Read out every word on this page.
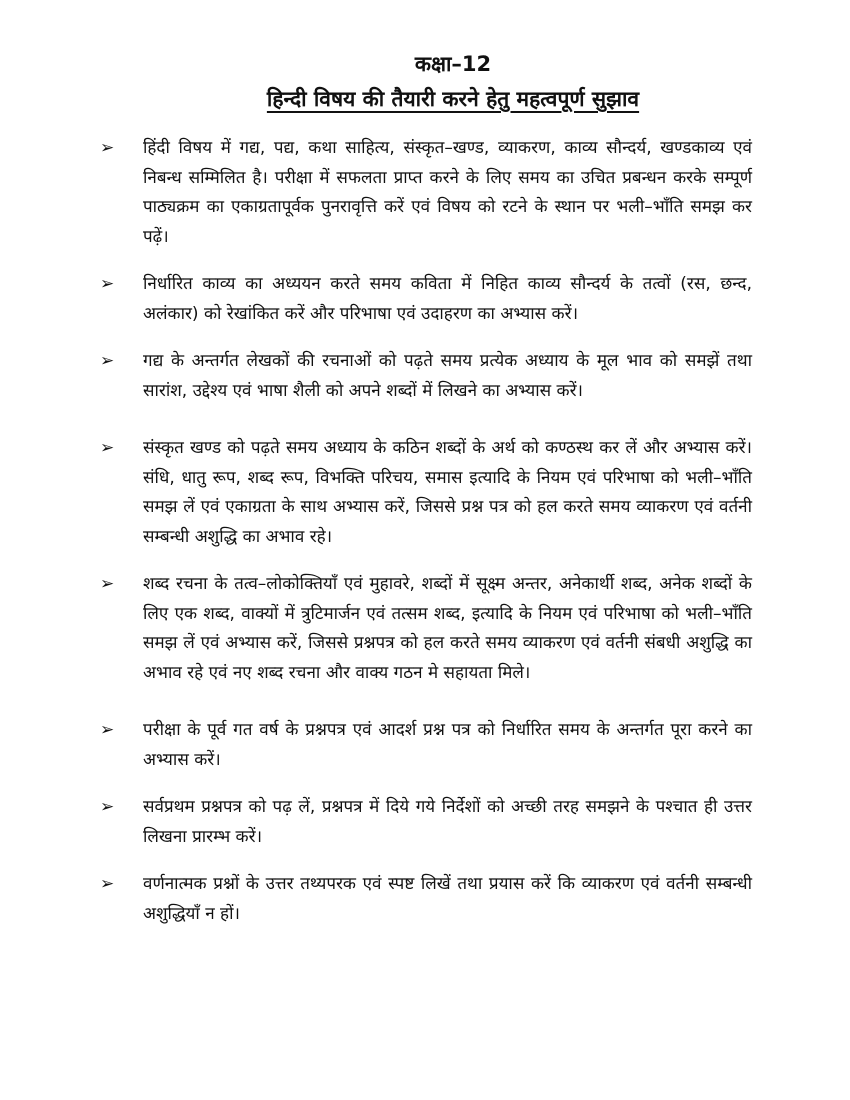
कक्षा–12
हिन्दी विषय की तैयारी करने हेतु महत्वपूर्ण सुझाव
➢ हिंदी विषय में गद्य, पद्य, कथा साहित्य, संस्कृत–खण्ड, व्याकरण, काव्य सौन्दर्य, खण्डकाव्य एवं निबन्ध सम्मिलित है। परीक्षा में सफलता प्राप्त करने के लिए समय का उचित प्रबन्धन करके सम्पूर्ण पाठ्यक्रम का एकाग्रतापूर्वक पुनरावृत्ति करें एवं विषय को रटने के स्थान पर भली–भाँति समझ कर पढ़ें।
➢ निर्धारित काव्य का अध्ययन करते समय कविता में निहित काव्य सौन्दर्य के तत्वों (रस, छन्द, अलंकार) को रेखांकित करें और परिभाषा एवं उदाहरण का अभ्यास करें।
➢ गद्य के अन्तर्गत लेखकों की रचनाओं को पढ़ते समय प्रत्येक अध्याय के मूल भाव को समझें तथा सारांश, उद्देश्य एवं भाषा शैली को अपने शब्दों में लिखने का अभ्यास करें।
➢ संस्कृत खण्ड को पढ़ते समय अध्याय के कठिन शब्दों के अर्थ को कण्ठस्थ कर लें और अभ्यास करें। संधि, धातु रूप, शब्द रूप, विभक्ति परिचय, समास इत्यादि के नियम एवं परिभाषा को भली–भाँति समझ लें एवं एकाग्रता के साथ अभ्यास करें, जिससे प्रश्न पत्र को हल करते समय व्याकरण एवं वर्तनी सम्बन्धी अशुद्धि का अभाव रहे।
➢ शब्द रचना के तत्व–लोकोक्तियाँ एवं मुहावरे, शब्दों में सूक्ष्म अन्तर, अनेकार्थी शब्द, अनेक शब्दों के लिए एक शब्द, वाक्यों में त्रुटिमार्जन एवं तत्सम शब्द, इत्यादि के नियम एवं परिभाषा को भली–भाँति समझ लें एवं अभ्यास करें, जिससे प्रश्नपत्र को हल करते समय व्याकरण एवं वर्तनी संबधी अशुद्धि का अभाव रहे एवं नए शब्द रचना और वाक्य गठन मे सहायता मिले।
➢ परीक्षा के पूर्व गत वर्ष के प्रश्नपत्र एवं आदर्श प्रश्न पत्र को निर्धारित समय के अन्तर्गत पूरा करने का अभ्यास करें।
➢ सर्वप्रथम प्रश्नपत्र को पढ़ लें, प्रश्नपत्र में दिये गये निर्देशों को अच्छी तरह समझने के पश्चात ही उत्तर लिखना प्रारम्भ करें।
➢ वर्णनात्मक प्रश्नों के उत्तर तथ्यपरक एवं स्पष्ट लिखें तथा प्रयास करें कि व्याकरण एवं वर्तनी सम्बन्धी अशुद्धियाँ न हों।
